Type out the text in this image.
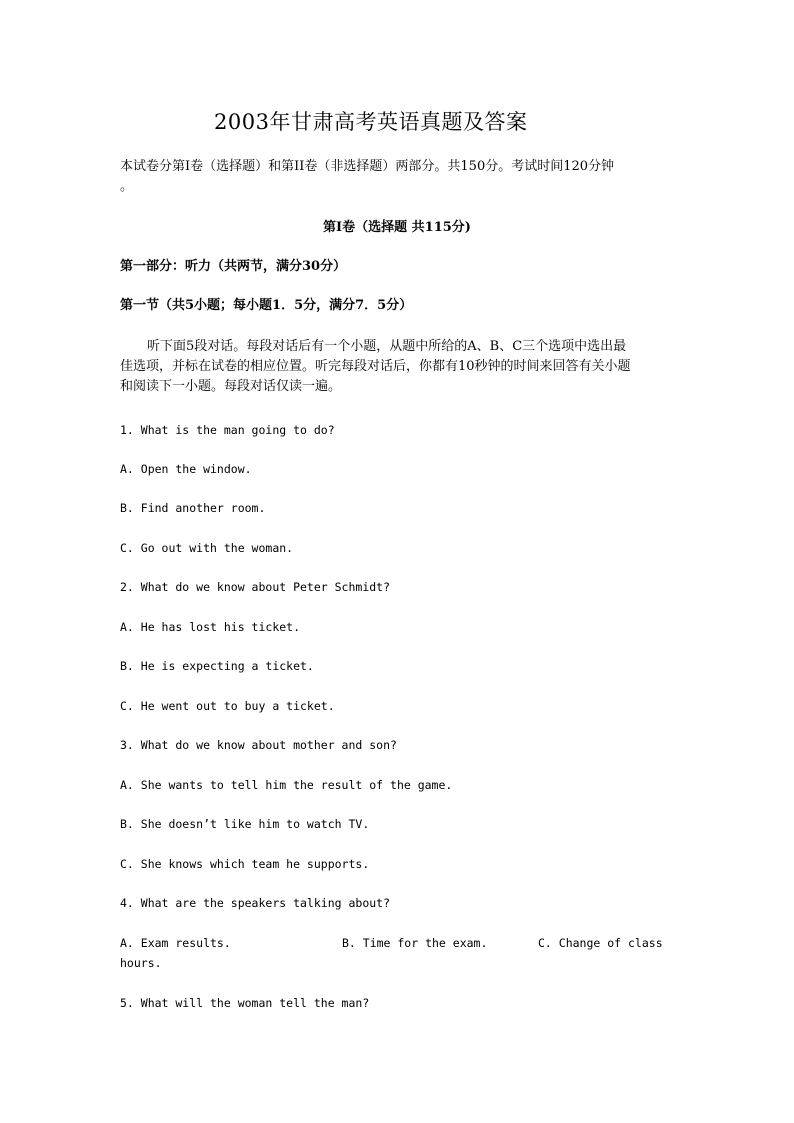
2003年甘肃高考英语真题及答案
本试卷分第I卷（选择题）和第II卷（非选择题）两部分。共150分。考试时间120分钟
。
第I卷（选择题 共115分)
第一部分：听力（共两节，满分30分）
第一节（共5小题；每小题1．5分，满分7．5分）
听下面5段对话。每段对话后有一个小题，从题中所给的A、B、C三个选项中选出最
佳选项，并标在试卷的相应位置。听完每段对话后，你都有10秒钟的时间来回答有关小题
和阅读下一小题。每段对话仅读一遍。
1. What is the man going to do?
A. Open the window.
B. Find another room.
C. Go out with the woman.
2. What do we know about Peter Schmidt?
A. He has lost his ticket.
B. He is expecting a ticket.
C. He went out to buy a ticket.
3. What do we know about mother and son?
A. She wants to tell him the result of the game.
B. She doesn’t like him to watch TV.
C. She knows which team he supports.
4. What are the speakers talking about?
A. Exam results.	B. Time for the exam.	C. Change of class
hours.
5. What will the woman tell the man?
